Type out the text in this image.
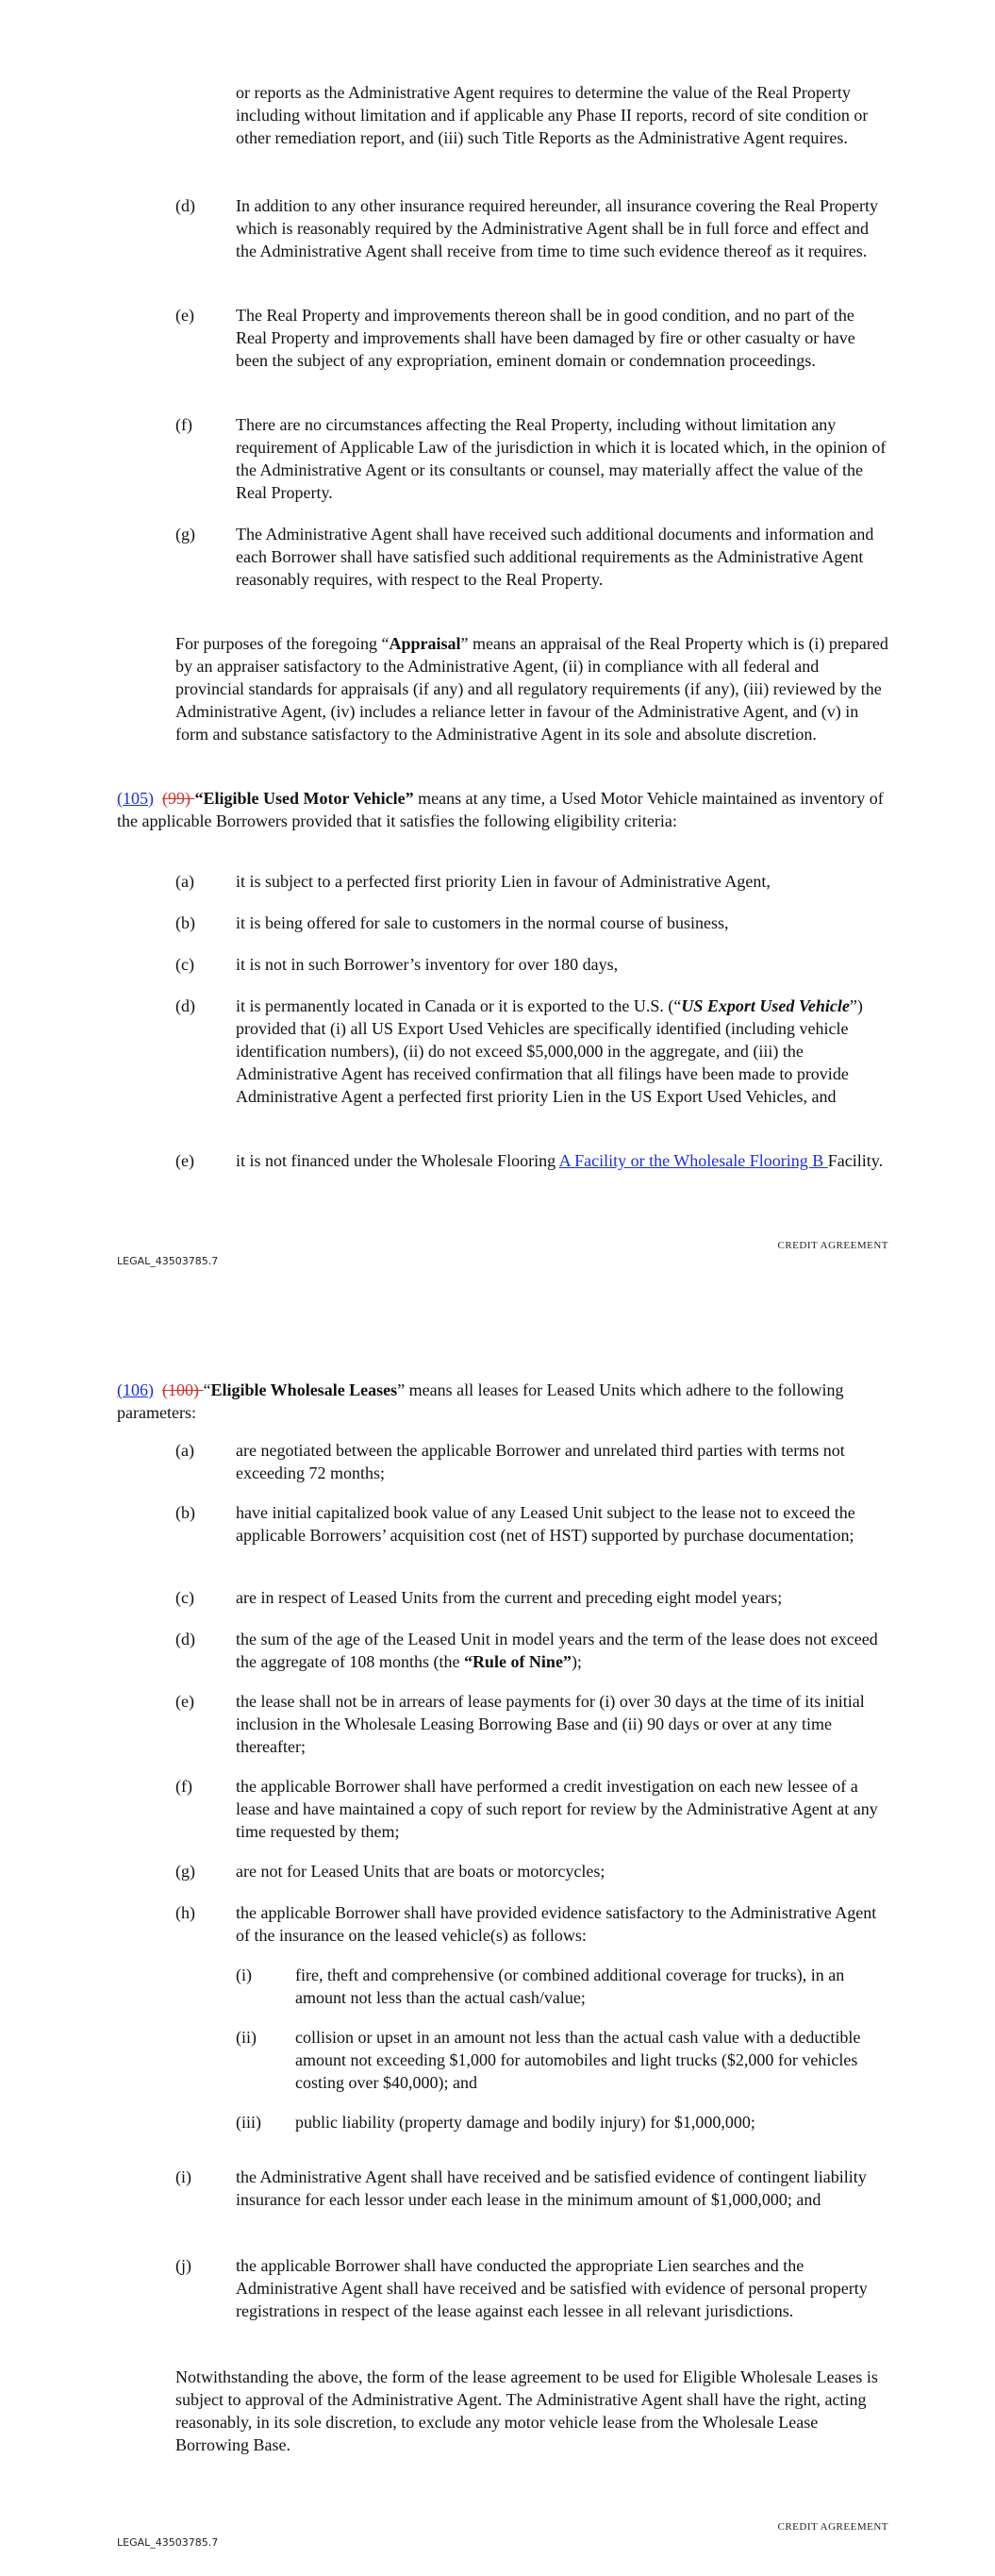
or reports as the Administrative Agent requires to determine the value of the Real Property including without limitation and if applicable any Phase II reports, record of site condition or other remediation report, and (iii) such Title Reports as the Administrative Agent requires.
(d) In addition to any other insurance required hereunder, all insurance covering the Real Property which is reasonably required by the Administrative Agent shall be in full force and effect and the Administrative Agent shall receive from time to time such evidence thereof as it requires.
(e) The Real Property and improvements thereon shall be in good condition, and no part of the Real Property and improvements shall have been damaged by fire or other casualty or have been the subject of any expropriation, eminent domain or condemnation proceedings.
(f)	There are no circumstances affecting the Real Property, including without limitation any requirement of Applicable Law of the jurisdiction in which it is located which, in the opinion of the Administrative Agent or its consultants or counsel, may materially affect the value of the Real Property.
(g) The Administrative Agent shall have received such additional documents and information and each Borrower shall have satisfied such additional requirements as the Administrative Agent reasonably requires, with respect to the Real Property.
For purposes of the foregoing “Appraisal” means an appraisal of the Real Property which is (i) prepared by an appraiser satisfactory to the Administrative Agent, (ii) in compliance with all federal and provincial standards for appraisals (if any) and all regulatory requirements (if any), (iii) reviewed by the Administrative Agent, (iv) includes a reliance letter in favour of the Administrative Agent, and (v) in form and substance satisfactory to the Administrative Agent in its sole and absolute discretion.
(105) (99) “Eligible Used Motor Vehicle” means at any time, a Used Motor Vehicle maintained as inventory of the applicable Borrowers provided that it satisfies the following eligibility criteria:
(a) it is subject to a perfected first priority Lien in favour of Administrative Agent,
(b) it is being offered for sale to customers in the normal course of business,
(c) it is not in such Borrower’s inventory for over 180 days,
(d) it is permanently located in Canada or it is exported to the U.S. (“US Export Used Vehicle”) provided that (i) all US Export Used Vehicles are specifically identified (including vehicle identification numbers), (ii) do not exceed $5,000,000 in the aggregate, and (iii) the Administrative Agent has received confirmation that all filings have been made to provide Administrative Agent a perfected first priority Lien in the US Export Used Vehicles, and
(e) it is not financed under the Wholesale Flooring A Facility or the Wholesale Flooring B Facility.
CREDIT AGREEMENT
LEGAL_43503785.7
(106) (100) “Eligible Wholesale Leases” means all leases for Leased Units which adhere to the following parameters:
(a) are negotiated between the applicable Borrower and unrelated third parties with terms not exceeding 72 months;
(b) have initial capitalized book value of any Leased Unit subject to the lease not to exceed the applicable Borrowers’ acquisition cost (net of HST) supported by purchase documentation;
(c) are in respect of Leased Units from the current and preceding eight model years;
(d) the sum of the age of the Leased Unit in model years and the term of the lease does not exceed the aggregate of 108 months (the “Rule of Nine”);
(e) the lease shall not be in arrears of lease payments for (i) over 30 days at the time of its initial inclusion in the Wholesale Leasing Borrowing Base and (ii) 90 days or over at any time thereafter;
(f)	the applicable Borrower shall have performed a credit investigation on each new lessee of a lease and have maintained a copy of such report for review by the Administrative Agent at any time requested by them;
(g) are not for Leased Units that are boats or motorcycles;
(h) the applicable Borrower shall have provided evidence satisfactory to the Administrative Agent of the insurance on the leased vehicle(s) as follows:
(i)	fire, theft and comprehensive (or combined additional coverage for trucks), in an amount not less than the actual cash/value;
(ii) collision or upset in an amount not less than the actual cash value with a deductible amount not exceeding $1,000 for automobiles and light trucks ($2,000 for vehicles costing over $40,000); and
(iii) public liability (property damage and bodily injury) for $1,000,000;
(i)	the Administrative Agent shall have received and be satisfied evidence of contingent liability insurance for each lessor under each lease in the minimum amount of $1,000,000; and
(j)	the applicable Borrower shall have conducted the appropriate Lien searches and the Administrative Agent shall have received and be satisfied with evidence of personal property registrations in respect of the lease against each lessee in all relevant jurisdictions.
Notwithstanding the above, the form of the lease agreement to be used for Eligible Wholesale Leases is subject to approval of the Administrative Agent. The Administrative Agent shall have the right, acting reasonably, in its sole discretion, to exclude any motor vehicle lease from the Wholesale Lease Borrowing Base.
CREDIT AGREEMENT
LEGAL_43503785.7
